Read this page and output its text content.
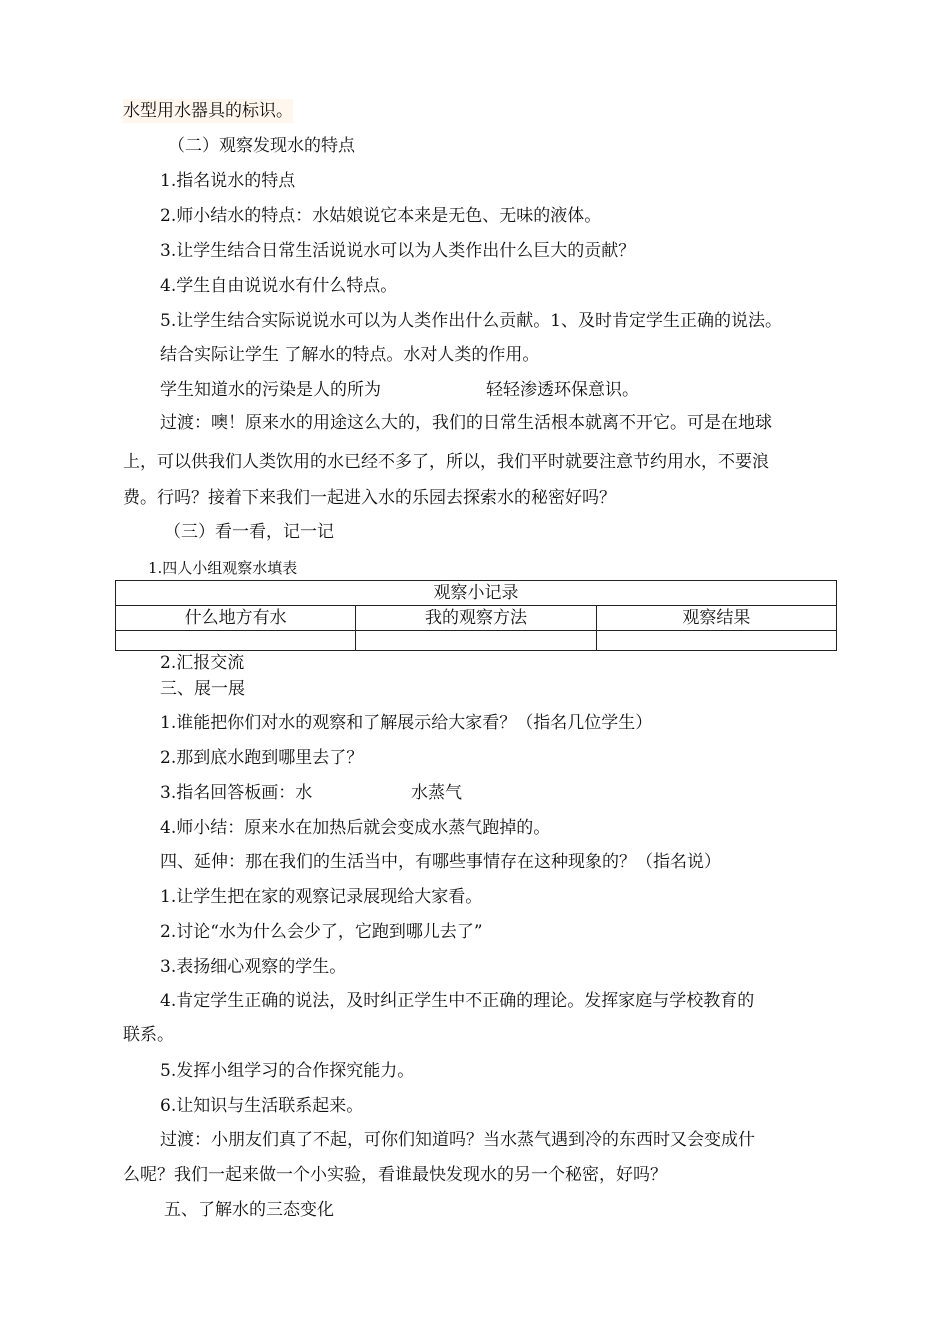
水型用水器具的标识。
（二）观察发现水的特点
1.指名说水的特点
2.师小结水的特点：水姑娘说它本来是无色、无味的液体。
3.让学生结合日常生活说说水可以为人类作出什么巨大的贡献？
4.学生自由说说水有什么特点。
5.让学生结合实际说说水可以为人类作出什么贡献。1、及时肯定学生正确的说法。
结合实际让学生 了解水的特点。水对人类的作用。
学生知道水的污染是人的所为	轻轻渗透环保意识。
过渡：噢！原来水的用途这么大的，我们的日常生活根本就离不开它。可是在地球
上，可以供我们人类饮用的水已经不多了，所以，我们平时就要注意节约用水，不要浪
费。行吗？接着下来我们一起进入水的乐园去探索水的秘密好吗？
（三）看一看，记一记
1.四人小组观察水填表
观察小记录		
什么地方有水	我的观察方法	观察结果

2.汇报交流
三、展一展
1.谁能把你们对水的观察和了解展示给大家看？（指名几位学生）
2.那到底水跑到哪里去了？
3.指名回答板画：水	水蒸气
4.师小结：原来水在加热后就会变成水蒸气跑掉的。
四、延伸：那在我们的生活当中，有哪些事情存在这种现象的？（指名说）
1.让学生把在家的观察记录展现给大家看。
2.讨论“水为什么会少了，它跑到哪儿去了”
3.表扬细心观察的学生。
4.肯定学生正确的说法，及时纠正学生中不正确的理论。发挥家庭与学校教育的
联系。
5.发挥小组学习的合作探究能力。
6.让知识与生活联系起来。
过渡：小朋友们真了不起，可你们知道吗？当水蒸气遇到冷的东西时又会变成什
么呢？我们一起来做一个小实验，看谁最快发现水的另一个秘密，好吗？
五、了解水的三态变化
